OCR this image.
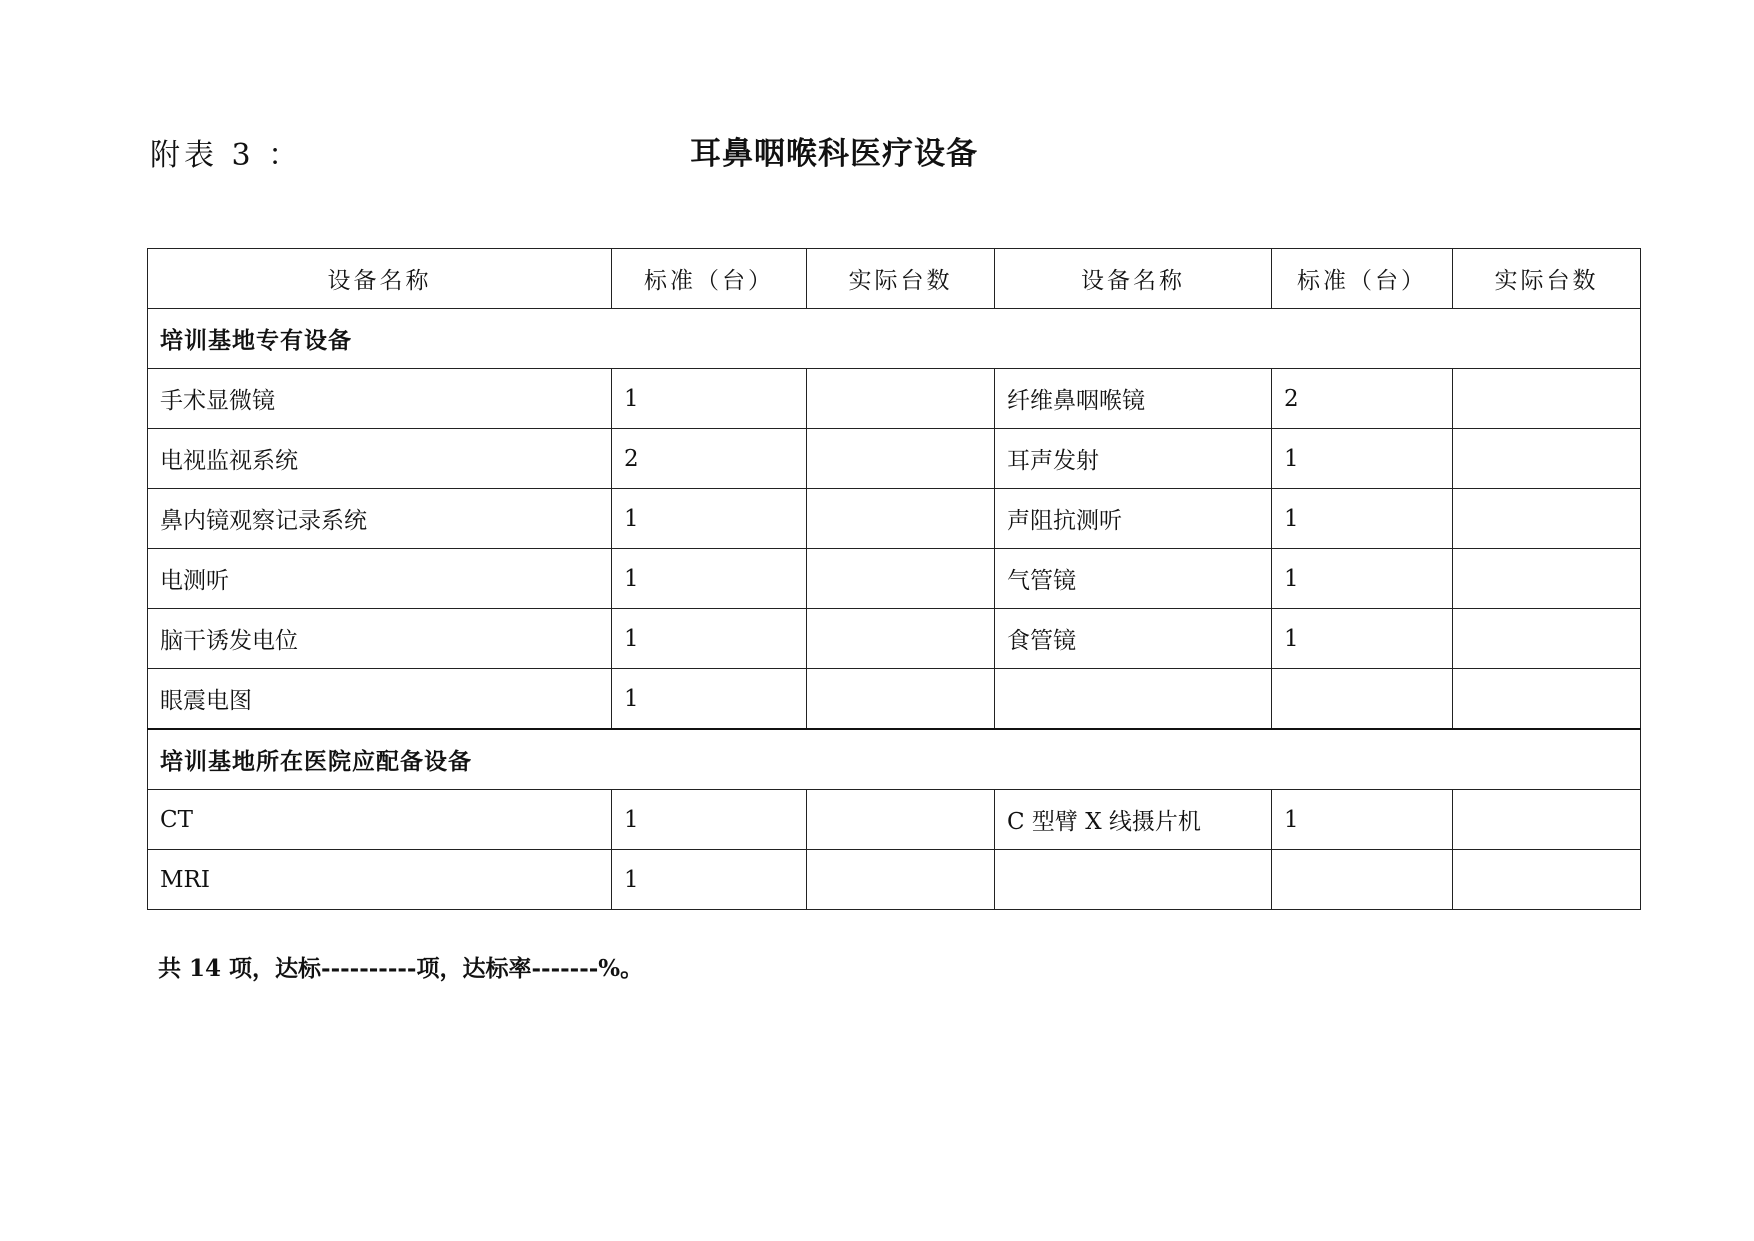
附表 3 ：	耳鼻咽喉科医疗设备
设备名称	标准（台）	实际台数	设备名称	标准（台）	实际台数
培训基地专有设备					
手术显微镜	1		纤维鼻咽喉镜	2	
电视监视系统	2		耳声发射	1	
鼻内镜观察记录系统	1		声阻抗测听	1	
电测听	1		气管镜	1	
脑干诱发电位	1		食管镜	1	
眼震电图	1				
培训基地所在医院应配备设备					
CT	1		C 型臂 X 线摄片机	1	
MRI	1				
共 14 项，达标----------项，达标率-------%。
